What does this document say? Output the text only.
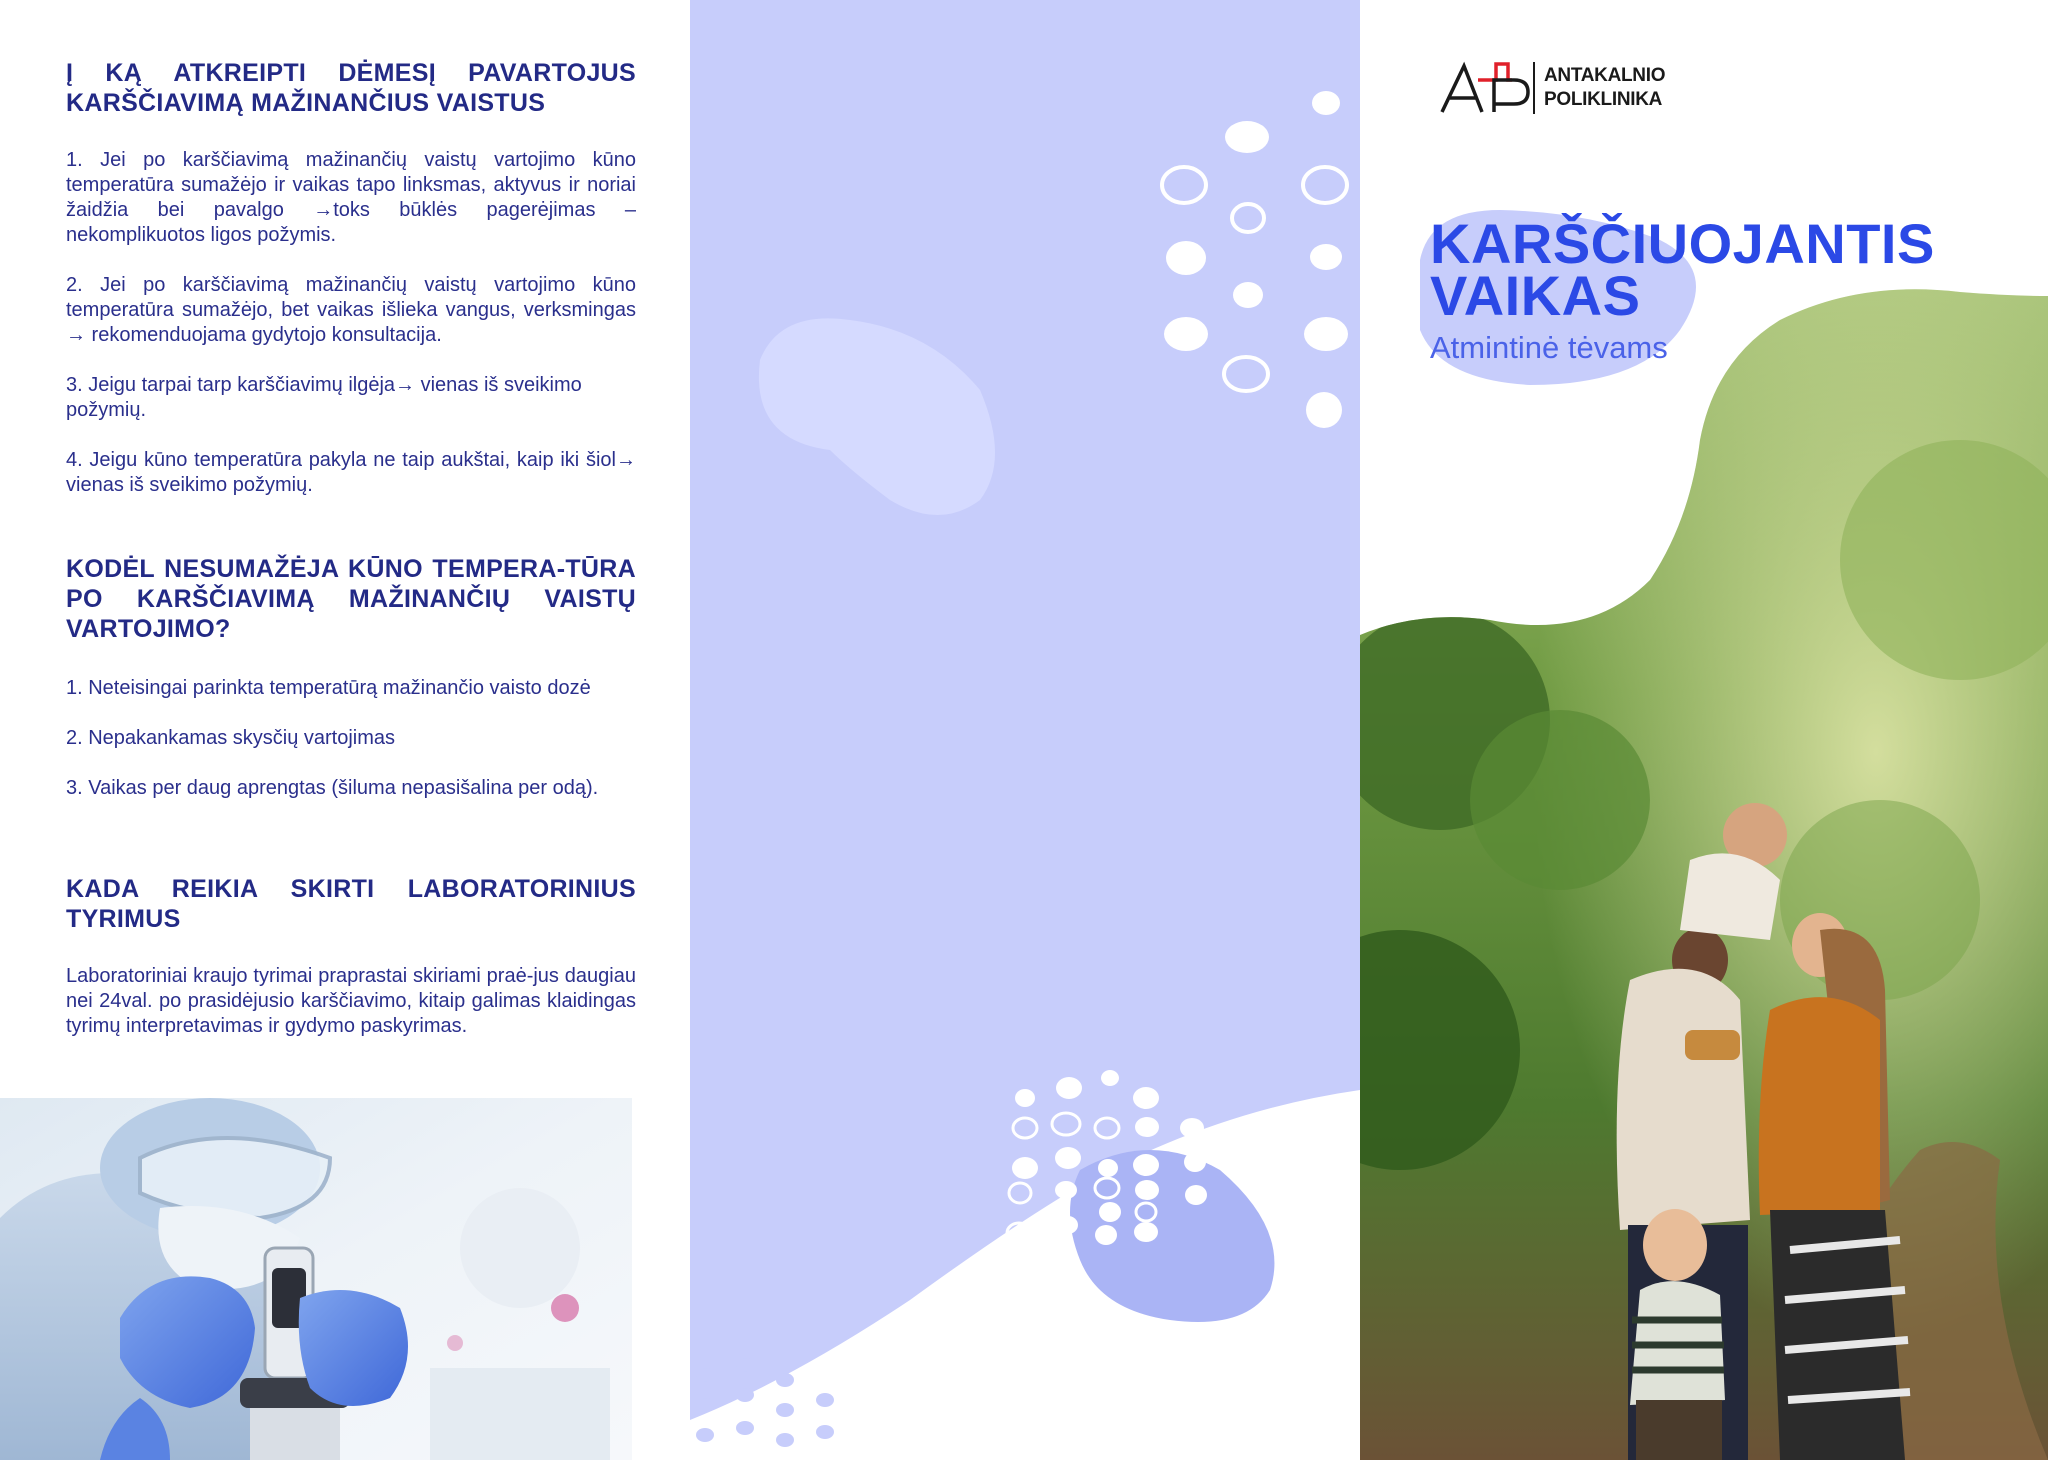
Į KĄ ATKREIPTI DĖMESĮ PAVARTOJUS KARŠČIAVIMĄ MAŽINANČIUS VAISTUS

1. Jei po karščiavimą mažinančių vaistų vartojimo kūno temperatūra sumažėjo ir vaikas tapo linksmas, aktyvus ir noriai žaidžia bei pavalgo →toks būklės pagerėjimas – nekomplikuotos ligos požymis.

2. Jei po karščiavimą mažinančių vaistų vartojimo kūno temperatūra sumažėjo, bet vaikas išlieka vangus, verksmingas → rekomenduojama gydytojo konsultacija.

3. Jeigu tarpai tarp karščiavimų ilgėja→ vienas iš sveikimo požymių.

4. Jeigu kūno temperatūra pakyla ne taip aukštai, kaip iki šiol→ vienas iš sveikimo požymių.

KODĖL NESUMAŽĖJA KŪNO TEMPERA-TŪRA PO KARŠČIAVIMĄ MAŽINANČIŲ VAISTŲ VARTOJIMO?

1. Neteisingai parinkta temperatūrą mažinančio vaisto dozė

2. Nepakankamas skysčių vartojimas

3. Vaikas per daug aprengtas (šiluma nepasišalina per odą).

KADA REIKIA SKIRTI LABORATORINIUS TYRIMUS

Laboratoriniai kraujo tyrimai praprastai skiriami praė-jus daugiau nei 24val. po prasidėjusio karščiavimo, kitaip galimas klaidingas tyrimų interpretavimas ir gydymo paskyrimas.

ANTAKALNIO
POLIKLINIKA
KARŠČIUOJANTIS
VAIKAS
Atmintinė tėvams
